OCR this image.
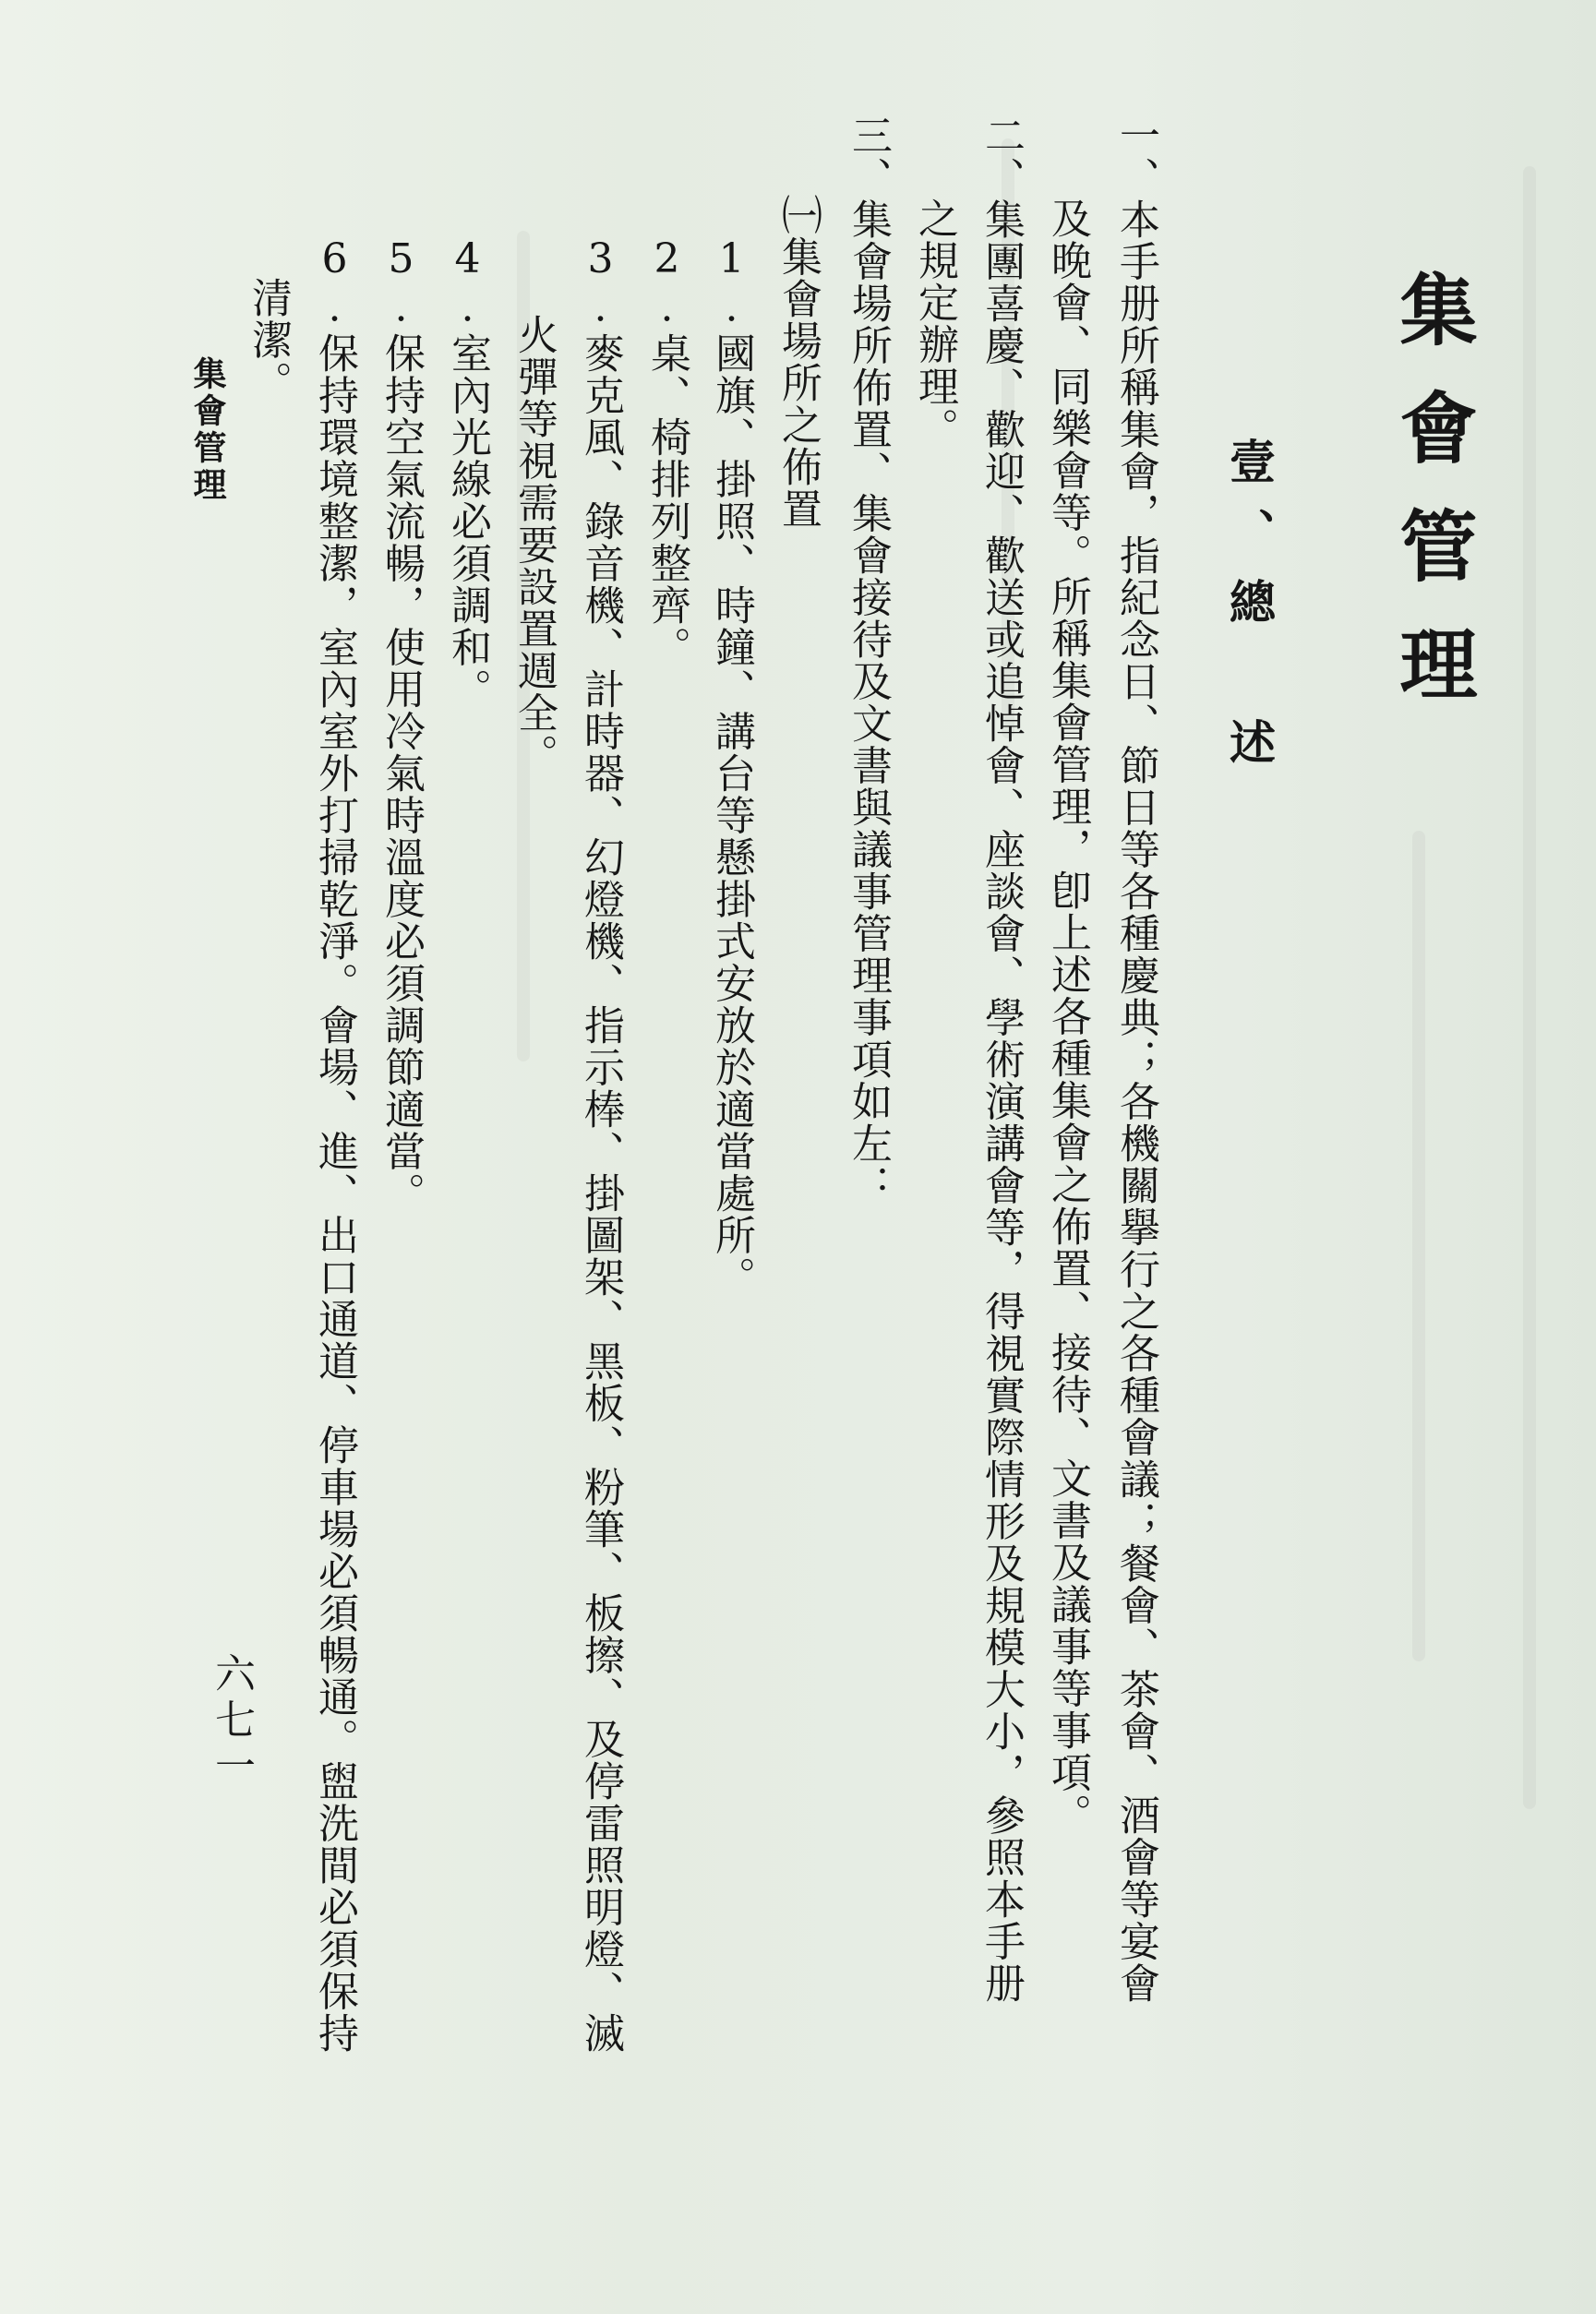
集會管理
壹、總　述

一、本手册所稱集會，指紀念日、節日等各種慶典；各機關擧行之各種會議；餐會、茶會、酒會等宴會

及晚會、同樂會等。所稱集會管理，卽上述各種集會之佈置、接待、文書及議事等事項。

二、集團喜慶、歡迎、歡送或追悼會、座談會、學術演講會等，得視實際情形及規模大小，參照本手册

之規定辦理。

三、集會場所佈置、集會接待及文書與議事管理事項如左：

㈠集會場所之佈置

1.國旗、掛照、時鐘、講台等懸掛式安放於適當處所。

2.桌、椅排列整齊。

3.麥克風、錄音機、計時器、幻燈機、指示棒、掛圖架、黑板、粉筆、板擦、及停雷照明燈、滅

火彈等視需要設置週全。

4.室內光線必須調和。

5.保持空氣流暢，使用冷氣時溫度必須調節適當。

6.保持環境整潔，室內室外打掃乾淨。會場、進、出口通道、停車場必須暢通。盥洗間必須保持

清潔。

六七一
集會管理
